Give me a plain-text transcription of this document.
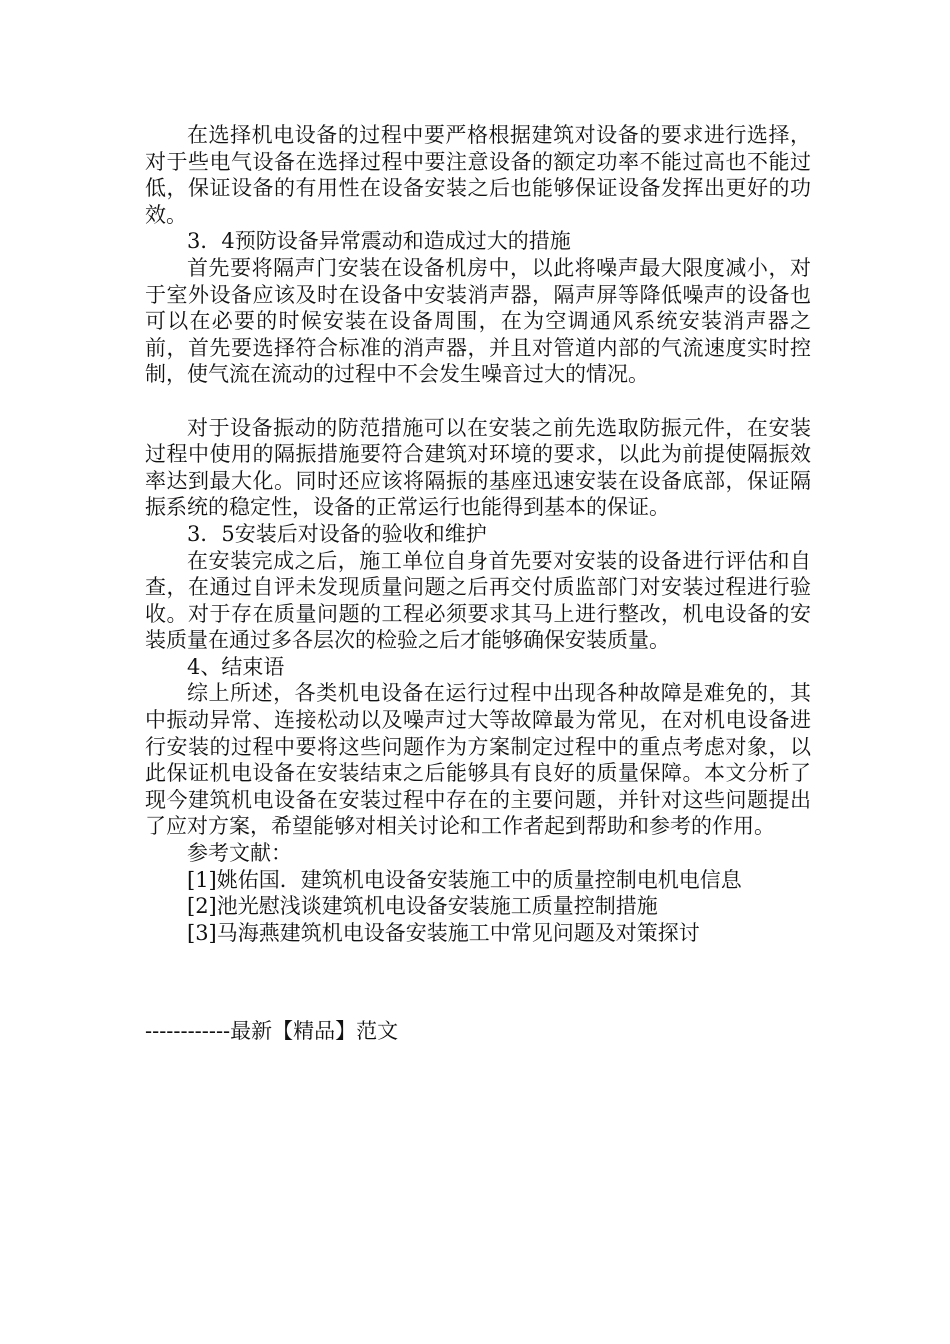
在选择机电设备的过程中要严格根据建筑对设备的要求进行选择，对于些电气设备在选择过程中要注意设备的额定功率不能过高也不能过低，保证设备的有用性在设备安装之后也能够保证设备发挥出更好的功效。

3．4预防设备异常震动和造成过大的措施

首先要将隔声门安装在设备机房中，以此将噪声最大限度减小，对于室外设备应该及时在设备中安装消声器，隔声屏等降低噪声的设备也可以在必要的时候安装在设备周围，在为空调通风系统安装消声器之前，首先要选择符合标准的消声器，并且对管道内部的气流速度实时控制，使气流在流动的过程中不会发生噪音过大的情况。

对于设备振动的防范措施可以在安装之前先选取防振元件，在安装过程中使用的隔振措施要符合建筑对环境的要求，以此为前提使隔振效率达到最大化。同时还应该将隔振的基座迅速安装在设备底部，保证隔振系统的稳定性，设备的正常运行也能得到基本的保证。

3．5安装后对设备的验收和维护

在安装完成之后，施工单位自身首先要对安装的设备进行评估和自查，在通过自评未发现质量问题之后再交付质监部门对安装过程进行验收。对于存在质量问题的工程必须要求其马上进行整改，机电设备的安装质量在通过多各层次的检验之后才能够确保安装质量。

4、结束语

综上所述，各类机电设备在运行过程中出现各种故障是难免的，其中振动异常、连接松动以及噪声过大等故障最为常见，在对机电设备进行安装的过程中要将这些问题作为方案制定过程中的重点考虑对象，以此保证机电设备在安装结束之后能够具有良好的质量保障。本文分析了现今建筑机电设备在安装过程中存在的主要问题，并针对这些问题提出了应对方案，希望能够对相关讨论和工作者起到帮助和参考的作用。

参考文献：

[1]姚佑国．建筑机电设备安装施工中的质量控制电机电信息

[2]池光慰浅谈建筑机电设备安装施工质量控制措施

[3]马海燕建筑机电设备安装施工中常见问题及对策探讨

------------最新【精品】范文
